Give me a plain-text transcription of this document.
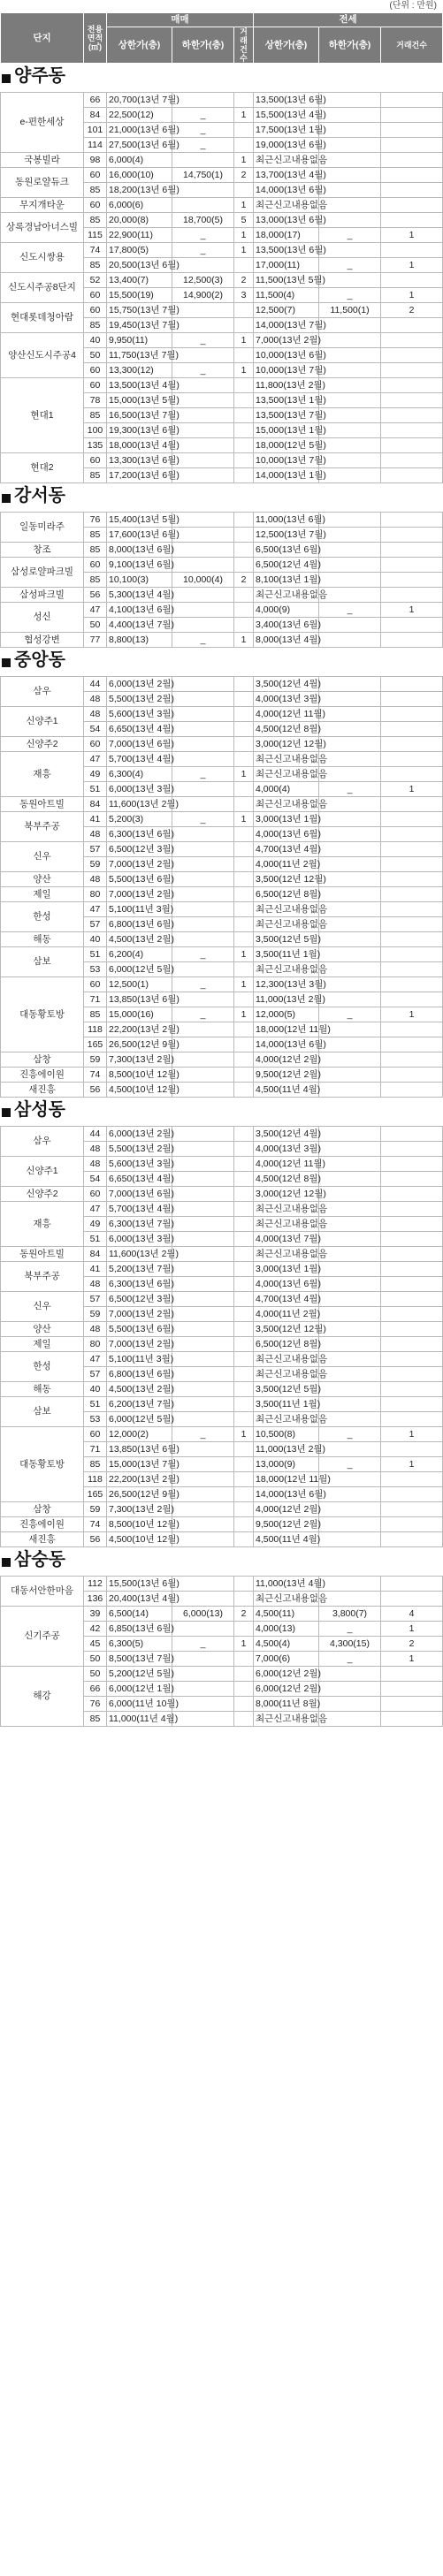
(단위 : 만원)
단지	전용면적(㎡)	매매			전세		
		상한가(층)	하한가(층)	거래건수	상한가(층)	하한가(층)	거래건수
양주동
e-편한세상	66	20,700(13년 7월)			13,500(13년 6월)		
	84	22,500(12)	_	1	15,500(13년 4월)		
	101	21,000(13년 6월)	_		17,500(13년 1월)		
	114	27,500(13년 6월)	_		19,000(13년 6월)		
국봉빌라	98	6,000(4)		1	최근신고내용없음		
동원로얄듀크	60	16,000(10)	14,750(1)	2	13,700(13년 4월)		
	85	18,200(13년 6월)			14,000(13년 6월)		
무지개타운	60	6,000(6)		1	최근신고내용없음		
상록경남아너스빌	85	20,000(8)	18,700(5)	5	13,000(13년 6월)		
	115	22,900(11)	_	1	18,000(17)	_	1
신도시쌍용	74	17,800(5)	_	1	13,500(13년 6월)		
	85	20,500(13년 6월)			17,000(11)	_	1
신도시주공8단지	52	13,400(7)	12,500(3)	2	11,500(13년 5월)		
	60	15,500(19)	14,900(2)	3	11,500(4)	_	1
현대롯데청아람	60	15,750(13년 7월)			12,500(7)	11,500(1)	2
	85	19,450(13년 7월)			14,000(13년 7월)		
양산신도시주공4	40	9,950(11)	_	1	7,000(13년 2월)		
	50	11,750(13년 7월)			10,000(13년 6월)		
	60	13,300(12)	_	1	10,000(13년 7월)		
현대1	60	13,500(13년 4월)			11,800(13년 2월)		
	78	15,000(13년 5월)			13,500(13년 1월)		
	85	16,500(13년 7월)			13,500(13년 7월)		
	100	19,300(13년 6월)			15,000(13년 1월)		
	135	18,000(13년 4월)			18,000(12년 5월)		
현대2	60	13,300(13년 6월)			10,000(13년 7월)		
	85	17,200(13년 6월)			14,000(13년 1월)		
강서동
일동미라주	76	15,400(13년 5월)			11,000(13년 6월)		
	85	17,600(13년 6월)			12,500(13년 7월)		
창조	85	8,000(13년 6월)			6,500(13년 6월)		
삼성로얄파크빌	60	9,100(13년 6월)			6,500(12년 4월)		
	85	10,100(3)	10,000(4)	2	8,100(13년 1월)		
삼성파크빌	56	5,300(13년 4월)			최근신고내용없음		
성신	47	4,100(13년 6월)			4,000(9)	_	1
	50	4,400(13년 7월)			3,400(13년 6월)		
협성강변	77	8,800(13)	_	1	8,000(13년 4월)		
중앙동
삼우	44	6,000(13년 2월)			3,500(12년 4월)		
	48	5,500(13년 2월)			4,000(13년 3월)		
신양주1	48	5,600(13년 3월)			4,000(12년 11월)		
	54	6,650(13년 4월)			4,500(12년 8월)		
신양주2	60	7,000(13년 6월)			3,000(12년 12월)		
재흥	47	5,700(13년 4월)			최근신고내용없음		
	49	6,300(4)	_	1	최근신고내용없음		
	51	6,000(13년 3월)			4,000(4)	_	1
동원아트빌	84	11,600(13년 2월)			최근신고내용없음		
북부주공	41	5,200(3)	_	1	3,000(13년 1월)		
	48	6,300(13년 6월)			4,000(13년 6월)		
신우	57	6,500(12년 3월)			4,700(13년 4월)		
	59	7,000(13년 2월)			4,000(11년 2월)		
양산	48	5,500(13년 6월)			3,500(12년 12월)		
제일	80	7,000(13년 2월)			6,500(12년 8월)		
한성	47	5,100(11년 3월)			최근신고내용없음		
	57	6,800(13년 6월)			최근신고내용없음		
해동	40	4,500(13년 2월)			3,500(12년 5월)		
삼보	51	6,200(4)	_	1	3,500(11년 1월)		
	53	6,000(12년 5월)			최근신고내용없음		
대동황토방	60	12,500(1)	_	1	12,300(13년 3월)		
	71	13,850(13년 6월)			11,000(13년 2월)		
	85	15,000(16)	_	1	12,000(5)	_	1
	118	22,200(13년 2월)			18,000(12년 11월)		
	165	26,500(12년 9월)			14,000(13년 6월)		
삼창	59	7,300(13년 2월)			4,000(12년 2월)		
진흥에이원	74	8,500(10년 12월)			9,500(12년 2월)		
새진흥	56	4,500(10년 12월)			4,500(11년 4월)		
삼성동
삼우	44	6,000(13년 2월)			3,500(12년 4월)		
	48	5,500(13년 2월)			4,000(13년 3월)		
신양주1	48	5,600(13년 3월)			4,000(12년 11월)		
	54	6,650(13년 4월)			4,500(12년 8월)		
신양주2	60	7,000(13년 6월)			3,000(12년 12월)		
재흥	47	5,700(13년 4월)			최근신고내용없음		
	49	6,300(13년 7월)			최근신고내용없음		
	51	6,000(13년 3월)			4,000(13년 7월)		
동원아트빌	84	11,600(13년 2월)			최근신고내용없음		
북부주공	41	5,200(13년 7월)			3,000(13년 1월)		
	48	6,300(13년 6월)			4,000(13년 6월)		
신우	57	6,500(12년 3월)			4,700(13년 4월)		
	59	7,000(13년 2월)			4,000(11년 2월)		
양산	48	5,500(13년 6월)			3,500(12년 12월)		
제일	80	7,000(13년 2월)			6,500(12년 8월)		
한성	47	5,100(11년 3월)			최근신고내용없음		
	57	6,800(13년 6월)			최근신고내용없음		
해동	40	4,500(13년 2월)			3,500(12년 5월)		
삼보	51	6,200(13년 7월)			3,500(11년 1월)		
	53	6,000(12년 5월)			최근신고내용없음		
대동황토방	60	12,000(2)	_	1	10,500(8)	_	1
	71	13,850(13년 6월)			11,000(13년 2월)		
	85	15,000(13년 7월)			13,000(9)	_	1
	118	22,200(13년 2월)			18,000(12년 11월)		
	165	26,500(12년 9월)			14,000(13년 6월)		
삼창	59	7,300(13년 2월)			4,000(12년 2월)		
진흥에이원	74	8,500(10년 12월)			9,500(12년 2월)		
새진흥	56	4,500(10년 12월)			4,500(11년 4월)		
삼숭동
대동서안한마음	112	15,500(13년 6월)			11,000(13년 4월)		
	136	20,400(13년 4월)			최근신고내용없음		
신기주공	39	6,500(14)	6,000(13)	2	4,500(11)	3,800(7)	4
	42	6,850(13년 6월)			4,000(13)	_	1
	45	6,300(5)	_	1	4,500(4)	4,300(15)	2
	50	8,500(13년 7월)			7,000(6)	_	1
해강	50	5,200(12년 5월)			6,000(12년 2월)		
	66	6,000(12년 1월)			6,000(12년 2월)		
	76	6,000(11년 10월)			8,000(11년 8월)		
	85	11,000(11년 4월)			최근신고내용없음		
